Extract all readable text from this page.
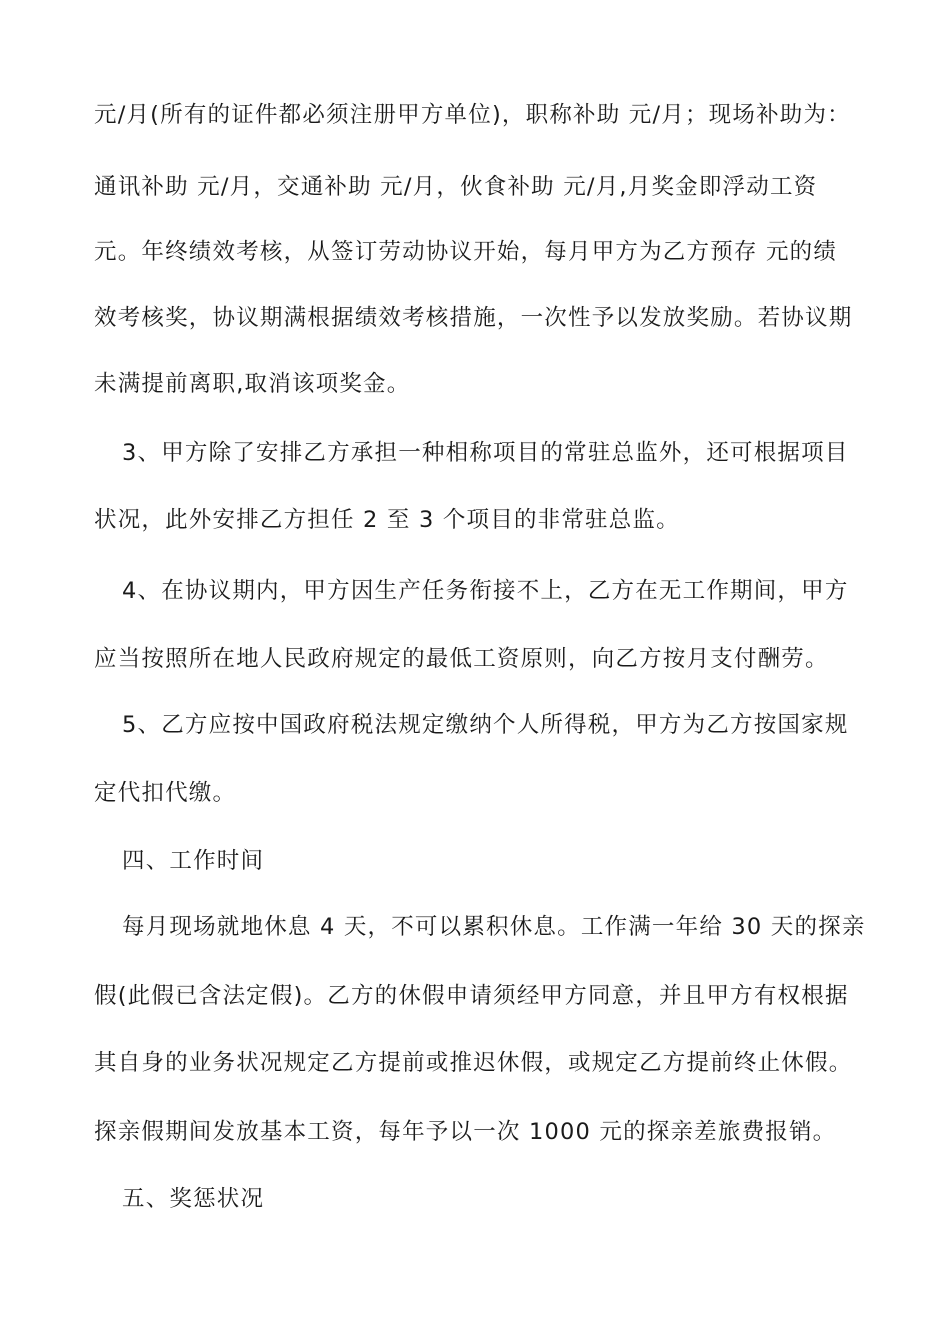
元/月(所有的证件都必须注册甲方单位)，职称补助 元/月；现场补助为：
通讯补助 元/月，交通补助 元/月，伙食补助 元/月,月奖金即浮动工资
元。年终绩效考核，从签订劳动协议开始，每月甲方为乙方预存 元的绩
效考核奖，协议期满根据绩效考核措施，一次性予以发放奖励。若协议期
未满提前离职,取消该项奖金。
3、甲方除了安排乙方承担一种相称项目的常驻总监外，还可根据项目
状况，此外安排乙方担任 2 至 3 个项目的非常驻总监。
4、在协议期内，甲方因生产任务衔接不上，乙方在无工作期间，甲方
应当按照所在地人民政府规定的最低工资原则，向乙方按月支付酬劳。
5、乙方应按中国政府税法规定缴纳个人所得税，甲方为乙方按国家规
定代扣代缴。
四、工作时间
每月现场就地休息 4 天，不可以累积休息。工作满一年给 30 天的探亲
假(此假已含法定假)。乙方的休假申请须经甲方同意，并且甲方有权根据
其自身的业务状况规定乙方提前或推迟休假，或规定乙方提前终止休假。
探亲假期间发放基本工资，每年予以一次 1000 元的探亲差旅费报销。
五、奖惩状况
